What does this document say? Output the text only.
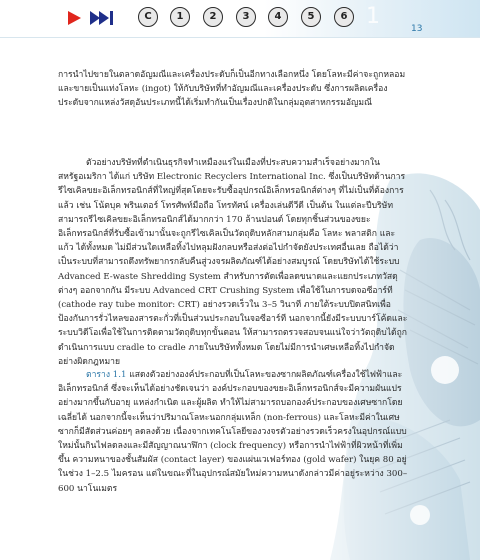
C	1	2	3	4	5	6 1	13

การนำไปขายในตลาดอัญมณีและเครื่องประดับก็เป็นอีกทางเลือกหนึ่ง โดยโลหะมีค่าจะถูกหลอมและขายเป็นแท่งโลหะ (ingot) ให้กับบริษัทที่ทำอัญมณีและเครื่องประดับ ซึ่งการผลิตเครื่องประดับจากแหล่งวัสดุอันประเภทนี้ได้เริ่มทำกันเป็นเรื่องปกติในกลุ่มอุตสาหกรรมอัญมณี

ตัวอย่างบริษัทที่ดำเนินธุรกิจทำเหมืองแร่ในเมืองที่ประสบความสำเร็จอย่างมากในสหรัฐอเมริกา ได้แก่ บริษัท Electronic Recyclers International Inc. ซึ่งเป็นบริษัทด้านการรีไซเคิลขยะอิเล็กทรอนิกส์ที่ใหญ่ที่สุดโดยจะรับซื้ออุปกรณ์อิเล็กทรอนิกส์ต่างๆ ที่ไม่เป็นที่ต้องการแล้ว เช่น โน้ตบุค พรินเตอร์ โทรศัพท์มือถือ โทรทัศน์ เครื่องเล่นดีวีดี เป็นต้น ในแต่ละปีบริษัทสามารถรีไซเคิลขยะอิเล็กทรอนิกส์ได้มากกว่า 170 ล้านปอนด์ โดยทุกชิ้นส่วนของขยะอิเล็กทรอนิกส์ที่รับซื้อเข้ามานั้นจะถูกรีไซเคิลเป็นวัตถุดิบหลักสามกลุ่มคือ โลหะ พลาสติก และแก้ว ได้ทั้งหมด ไม่มีส่วนใดเหลือทิ้งไปหลุมฝังกลบหรือส่งต่อไปกำจัดยังประเทศอื่นเลย ถือได้ว่าเป็นระบบที่สามารถดึงทรัพยากรกลับคืนสู่วงจรผลิตภัณฑ์ได้อย่างสมบูรณ์ โดยบริษัทได้ใช้ระบบ Advanced E-waste Shredding System สำหรับการตัดเพื่อลดขนาดและแยกประเภทวัสดุต่างๆ ออกจากกัน มีระบบ Advanced CRT Crushing System เพื่อใช้ในการบดจอซีอาร์ที (cathode ray tube monitor: CRT) อย่างรวดเร็วใน 3–5 วินาที ภายใต้ระบบปิดสนิทเพื่อป้องกันการรั่วไหลของสารตะกั่วที่เป็นส่วนประกอบในจอซีอาร์ที นอกจากนี้ยังมีระบบบาร์โค้ดและระบบวิดีโอเพื่อใช้ในการติดตามวัตถุดิบทุกขั้นตอน ให้สามารถตรวจสอบจนแน่ใจว่าวัตถุดิบได้ถูกดำเนินการแบบ cradle to cradle ภายในบริษัททั้งหมด โดยไม่มีการนำเศษเหลือทิ้งไปกำจัดอย่างผิดกฎหมาย

ตาราง 1.1 แสดงตัวอย่างองค์ประกอบที่เป็นโลหะของซากผลิตภัณฑ์เครื่องใช้ไฟฟ้าและอิเล็กทรอนิกส์ ซึ่งจะเห็นได้อย่างชัดเจนว่า องค์ประกอบของขยะอิเล็กทรอนิกส์จะมีความผันแปรอย่างมากขึ้นกับอายุ แหล่งกำเนิด และผู้ผลิต ทำให้ไม่สามารถบอกองค์ประกอบของเศษซากโดยเฉลี่ยได้ นอกจากนี้จะเห็นว่าปริมาณโลหะนอกกลุ่มเหล็ก (non-ferrous) และโลหะมีค่าในเศษซากก็มีสัดส่วนค่อยๆ ลดลงด้วย เนื่องจากเทคโนโลยีของวงจรตัวอย่างรวดเร็วครงในอุปกรณ์แบบใหม่นั้นกินไฟลดลงและมีสัญญาณนาฬิกา (clock frequency) หรือการนำไฟฟ้าที่ผิวหน้าที่เพิ่มขึ้น ความหนาของชั้นสัมผัส (contact layer) ของแผ่นเวเฟอร์ทอง (gold wafer) ในยุค 80 อยู่ในช่วง 1–2.5 ไมครอน แต่ในขณะที่ในอุปกรณ์สมัยใหม่ความหนาดังกล่าวมีค่าอยู่ระหว่าง 300–600 นาโนเมตร
